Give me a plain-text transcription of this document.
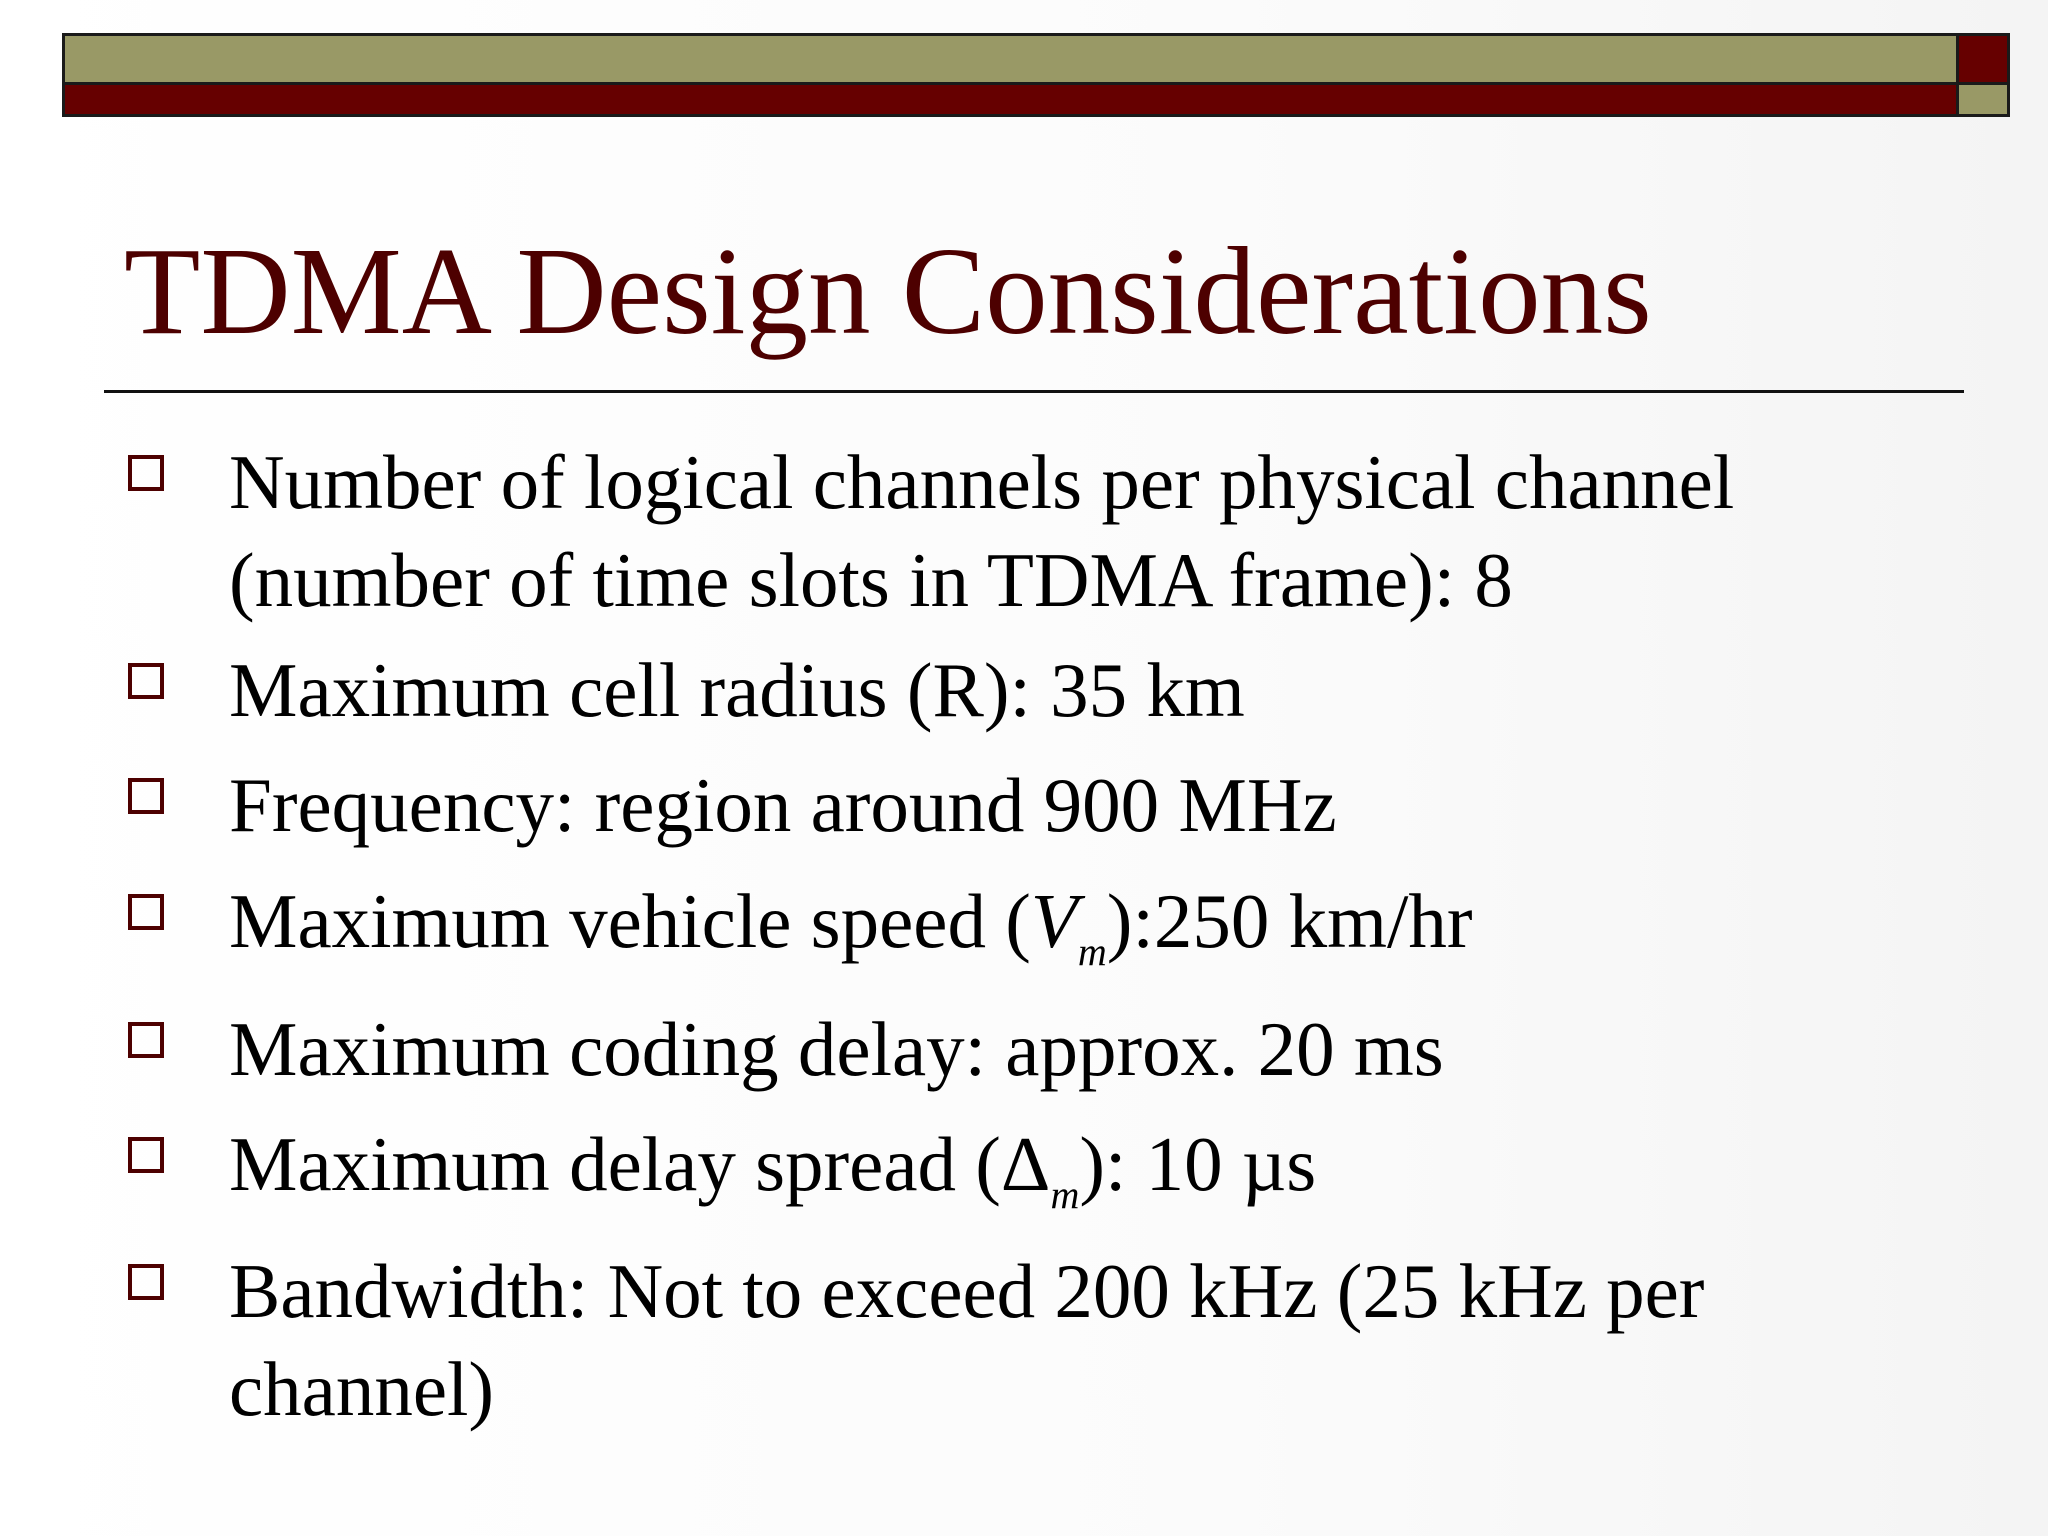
TDMA Design Considerations
Number of logical channels per physical channel
(number of time slots in TDMA frame): 8
Maximum cell radius (R): 35 km
Frequency: region around 900 MHz
Maximum vehicle speed $(V_m):250$ km/hr
Maximum coding delay: approx. 20 ms
Maximum delay spread $(\Delta_m)$: 10 µs
Bandwidth: Not to exceed 200 kHz (25 kHz per
channel)
